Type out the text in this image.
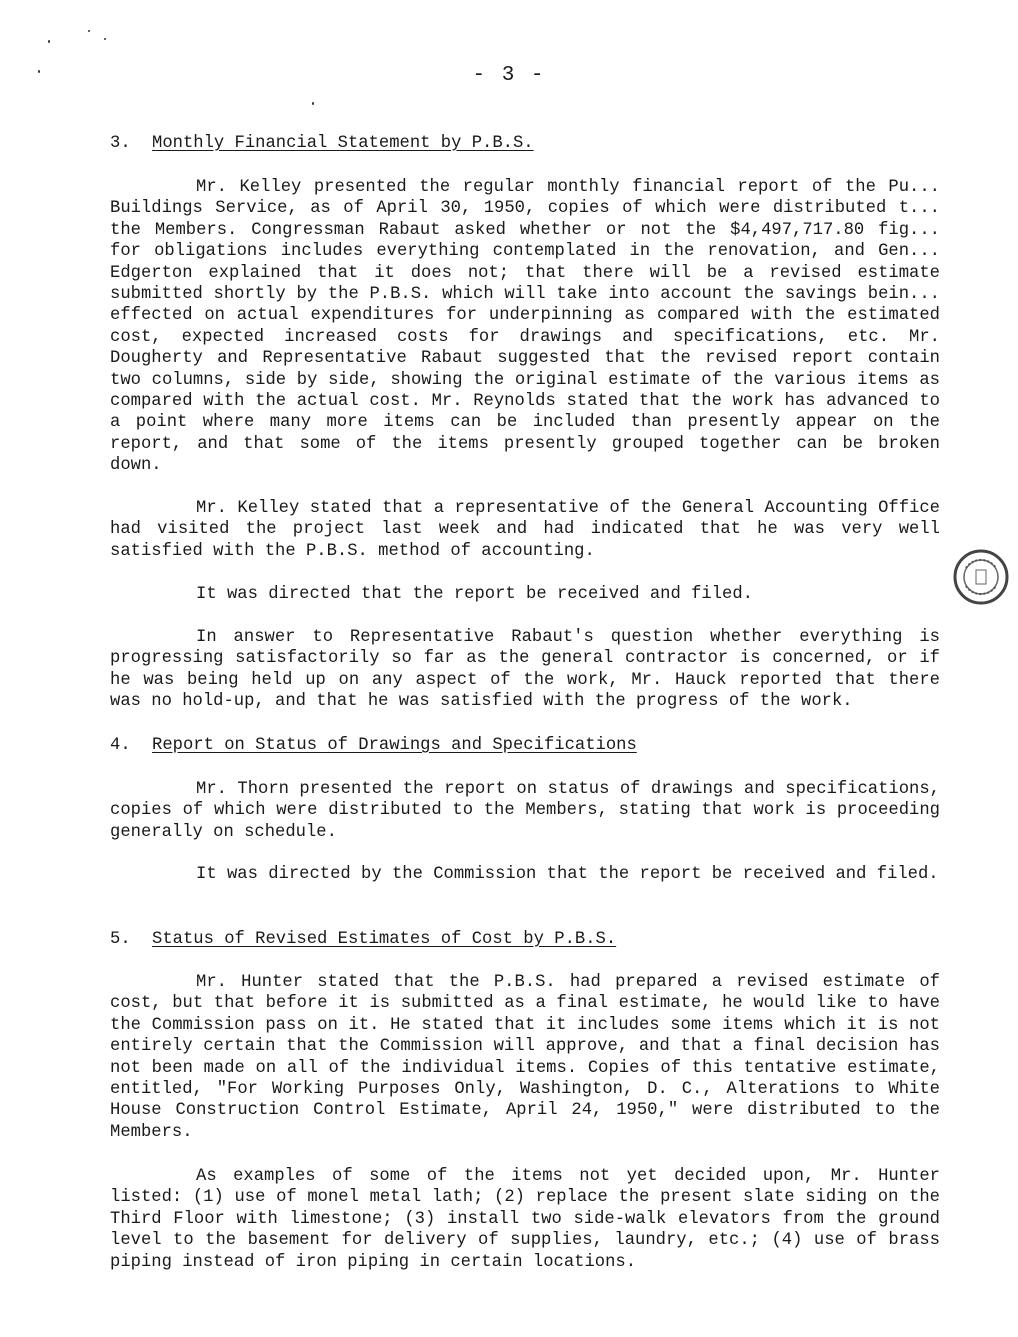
- 3 -
3. Monthly Financial Statement by P.B.S.
Mr. Kelley presented the regular monthly financial report of the Pu... Buildings Service, as of April 30, 1950, copies of which were distributed t... the Members. Congressman Rabaut asked whether or not the $4,497,717.80 fig... for obligations includes everything contemplated in the renovation, and Gen... Edgerton explained that it does not; that there will be a revised estimate submitted shortly by the P.B.S. which will take into account the savings bein... effected on actual expenditures for underpinning as compared with the estimated cost, expected increased costs for drawings and specifications, etc. Mr. Dougherty and Representative Rabaut suggested that the revised report contain two columns, side by side, showing the original estimate of the various items as compared with the actual cost. Mr. Reynolds stated that the work has advanced to a point where many more items can be included than presently appear on the report, and that some of the items presently grouped together can be broken down.
Mr. Kelley stated that a representative of the General Accounting Office had visited the project last week and had indicated that he was very well satisfied with the P.B.S. method of accounting.
It was directed that the report be received and filed.
In answer to Representative Rabaut's question whether everything is progressing satisfactorily so far as the general contractor is concerned, or if he was being held up on any aspect of the work, Mr. Hauck reported that there was no hold-up, and that he was satisfied with the progress of the work.
4. Report on Status of Drawings and Specifications
Mr. Thorn presented the report on status of drawings and specifications, copies of which were distributed to the Members, stating that work is proceeding generally on schedule.
It was directed by the Commission that the report be received and filed.
5. Status of Revised Estimates of Cost by P.B.S.
Mr. Hunter stated that the P.B.S. had prepared a revised estimate of cost, but that before it is submitted as a final estimate, he would like to have the Commission pass on it. He stated that it includes some items which it is not entirely certain that the Commission will approve, and that a final decision has not been made on all of the individual items. Copies of this tentative estimate, entitled, "For Working Purposes Only, Washington, D. C., Alterations to White House Construction Control Estimate, April 24, 1950," were distributed to the Members.
As examples of some of the items not yet decided upon, Mr. Hunter listed: (1) use of monel metal lath; (2) replace the present slate siding on the Third Floor with limestone; (3) install two side-walk elevators from the ground level to the basement for delivery of supplies, laundry, etc.; (4) use of brass piping instead of iron piping in certain locations.
